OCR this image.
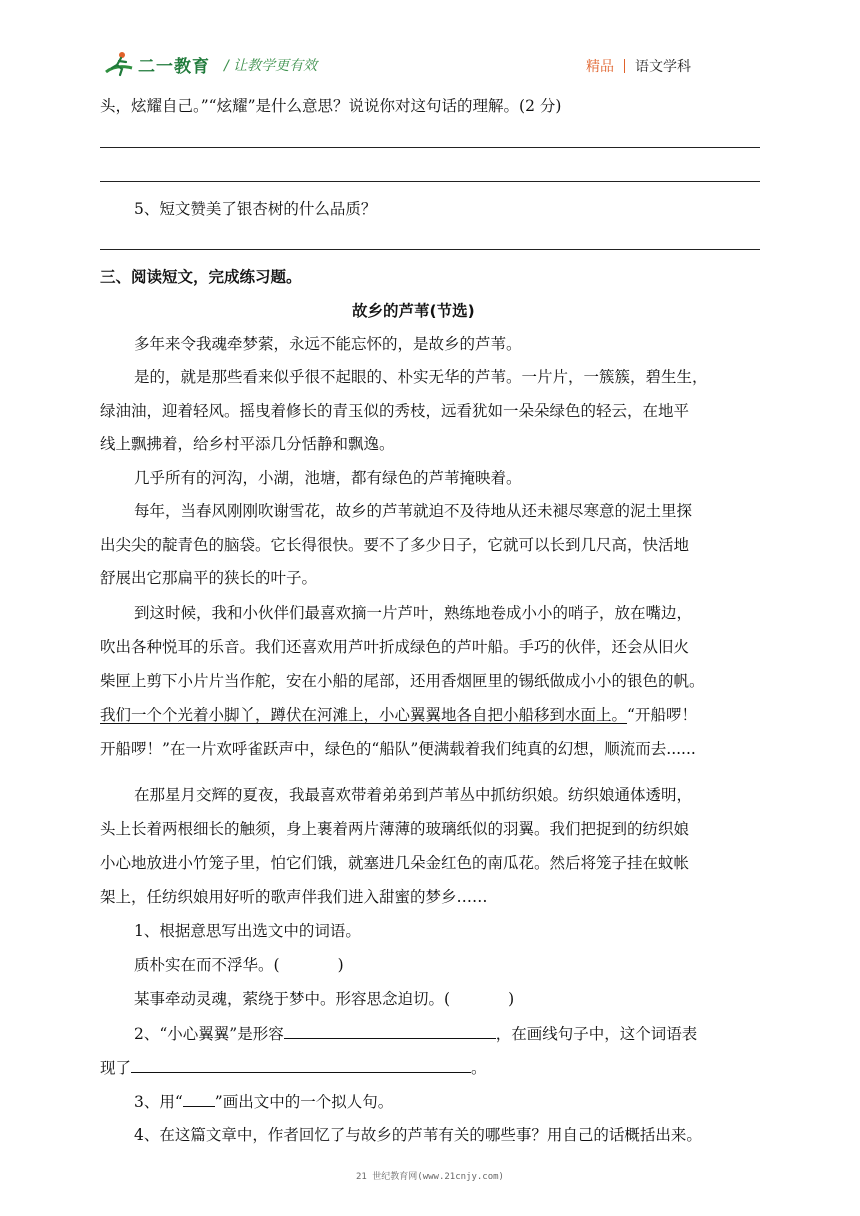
二一教育 / 让教学更有效	精品 语文学科
头，炫耀自己。”“炫耀”是什么意思？说说你对这句话的理解。(2 分)
5、短文赞美了银杏树的什么品质？
三、阅读短文，完成练习题。
故乡的芦苇(节选)
多年来令我魂牵梦萦，永远不能忘怀的，是故乡的芦苇。
是的，就是那些看来似乎很不起眼的、朴实无华的芦苇。一片片，一簇簇，碧生生，
绿油油，迎着轻风。摇曳着修长的青玉似的秀枝，远看犹如一朵朵绿色的轻云，在地平
线上飘拂着，给乡村平添几分恬静和飘逸。
几乎所有的河沟，小湖，池塘，都有绿色的芦苇掩映着。
每年，当春风刚刚吹谢雪花，故乡的芦苇就迫不及待地从还未褪尽寒意的泥土里探
出尖尖的靛青色的脑袋。它长得很快。要不了多少日子，它就可以长到几尺高，快活地
舒展出它那扁平的狭长的叶子。
到这时候，我和小伙伴们最喜欢摘一片芦叶，熟练地卷成小小的哨子，放在嘴边，
吹出各种悦耳的乐音。我们还喜欢用芦叶折成绿色的芦叶船。手巧的伙伴，还会从旧火
柴匣上剪下小片片当作舵，安在小船的尾部，还用香烟匣里的锡纸做成小小的银色的帆。
我们一个个光着小脚丫，蹲伏在河滩上，小心翼翼地各自把小船移到水面上。“开船啰！
开船啰！”在一片欢呼雀跃声中，绿色的“船队”便满载着我们纯真的幻想，顺流而去......
在那星月交辉的夏夜，我最喜欢带着弟弟到芦苇丛中抓纺织娘。纺织娘通体透明，
头上长着两根细长的触须，身上裹着两片薄薄的玻璃纸似的羽翼。我们把捉到的纺织娘
小心地放进小竹笼子里，怕它们饿，就塞进几朵金红色的南瓜花。然后将笼子挂在蚊帐
架上，任纺织娘用好听的歌声伴我们进入甜蜜的梦乡……
1、根据意思写出选文中的词语。
质朴实在而不浮华。(	)
某事牵动灵魂，萦绕于梦中。形容思念迫切。(	)
2、“小心翼翼”是形容	，在画线句子中，这个词语表
现了	。
3、用“ ”画出文中的一个拟人句。
4、在这篇文章中，作者回忆了与故乡的芦苇有关的哪些事？用自己的话概括出来。
21 世纪教育网(www.21cnjy.com)
